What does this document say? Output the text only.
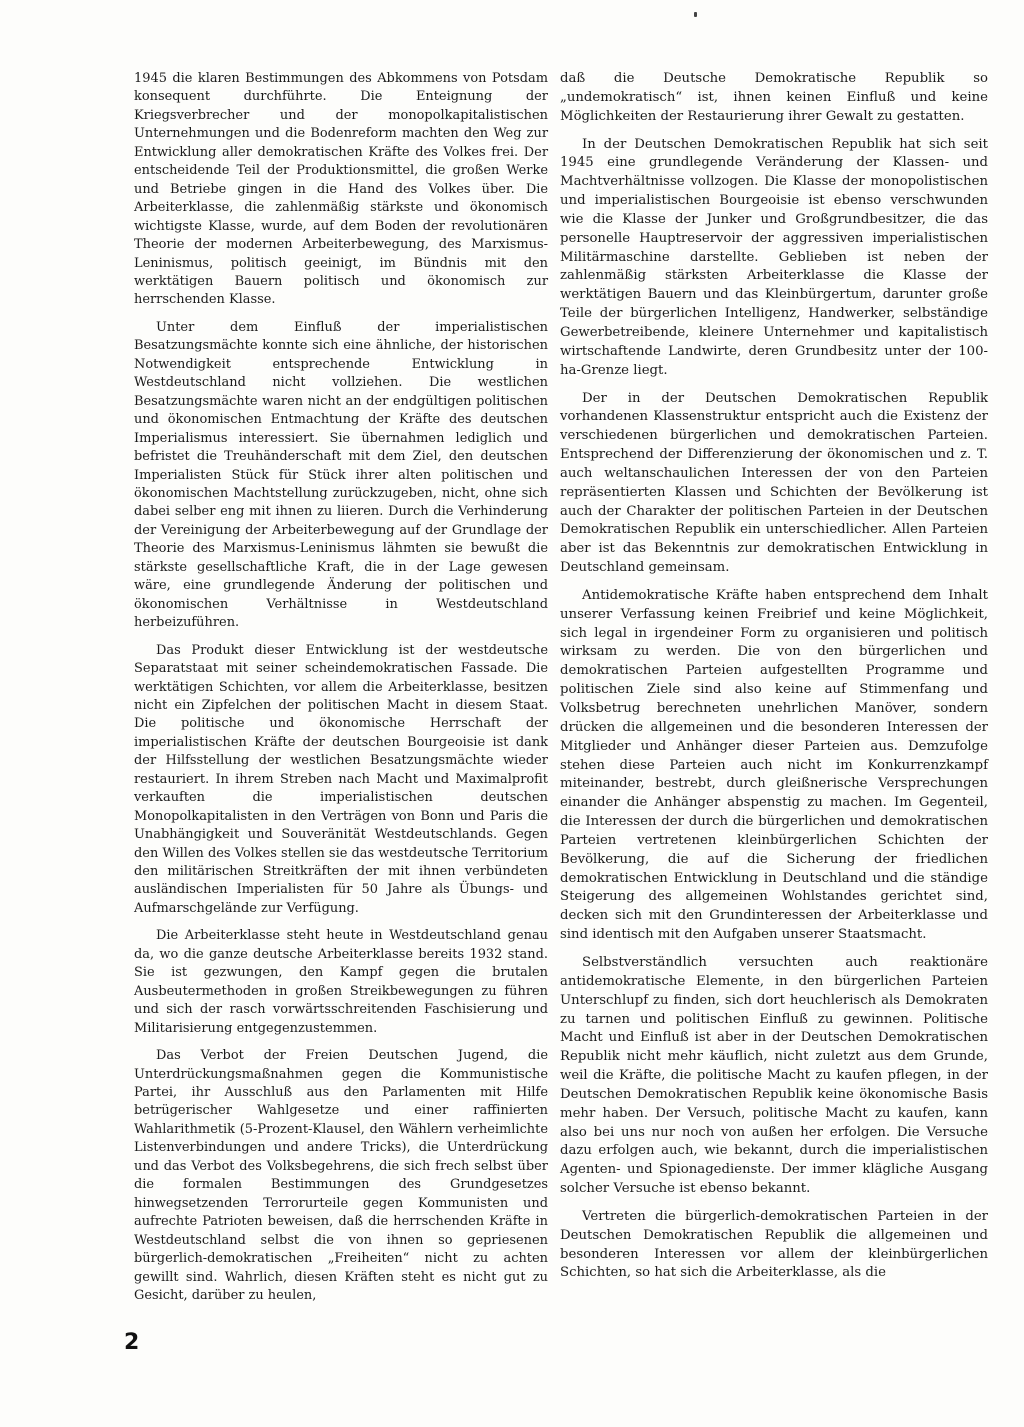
1945 die klaren Bestimmungen des Abkommens von Potsdam konsequent durchführte. Die Enteignung der Kriegsverbrecher und der monopolkapitalistischen Unternehmungen und die Bodenreform machten den Weg zur Entwicklung aller demokratischen Kräfte des Volkes frei. Der entscheidende Teil der Produktionsmittel, die großen Werke und Betriebe gingen in die Hand des Volkes über. Die Arbeiterklasse, die zahlenmäßig stärkste und ökonomisch wichtigste Klasse, wurde, auf dem Boden der revolutionären Theorie der modernen Arbeiterbewegung, des Marxismus-Leninismus, politisch geeinigt, im Bündnis mit den werktätigen Bauern politisch und ökonomisch zur herrschenden Klasse.

Unter dem Einfluß der imperialistischen Besatzungsmächte konnte sich eine ähnliche, der historischen Notwendigkeit entsprechende Entwicklung in Westdeutschland nicht vollziehen. Die westlichen Besatzungsmächte waren nicht an der endgültigen politischen und ökonomischen Entmachtung der Kräfte des deutschen Imperialismus interessiert. Sie übernahmen lediglich und befristet die Treuhänderschaft mit dem Ziel, den deutschen Imperialisten Stück für Stück ihrer alten politischen und ökonomischen Machtstellung zurückzugeben, nicht, ohne sich dabei selber eng mit ihnen zu liieren. Durch die Verhinderung der Vereinigung der Arbeiterbewegung auf der Grundlage der Theorie des Marxismus-Leninismus lähmten sie bewußt die stärkste gesellschaftliche Kraft, die in der Lage gewesen wäre, eine grundlegende Änderung der politischen und ökonomischen Verhältnisse in Westdeutschland herbeizuführen.

Das Produkt dieser Entwicklung ist der westdeutsche Separatstaat mit seiner scheindemokratischen Fassade. Die werktätigen Schichten, vor allem die Arbeiterklasse, besitzen nicht ein Zipfelchen der politischen Macht in diesem Staat. Die politische und ökonomische Herrschaft der imperialistischen Kräfte der deutschen Bourgeoisie ist dank der Hilfsstellung der westlichen Besatzungsmächte wieder restauriert. In ihrem Streben nach Macht und Maximalprofit verkauften die imperialistischen deutschen Monopolkapitalisten in den Verträgen von Bonn und Paris die Unabhängigkeit und Souveränität Westdeutschlands. Gegen den Willen des Volkes stellen sie das westdeutsche Territorium den militärischen Streitkräften der mit ihnen verbündeten ausländischen Imperialisten für 50 Jahre als Übungs- und Aufmarschgelände zur Verfügung.

Die Arbeiterklasse steht heute in Westdeutschland genau da, wo die ganze deutsche Arbeiterklasse bereits 1932 stand. Sie ist gezwungen, den Kampf gegen die brutalen Ausbeutermethoden in großen Streikbewegungen zu führen und sich der rasch vorwärtsschreitenden Faschisierung und Militarisierung entgegenzustemmen.

Das Verbot der Freien Deutschen Jugend, die Unterdrückungsmaßnahmen gegen die Kommunistische Partei, ihr Ausschluß aus den Parlamenten mit Hilfe betrügerischer Wahlgesetze und einer raffinierten Wahlarithmetik (5-Prozent-Klausel, den Wählern verheimlichte Listenverbindungen und andere Tricks), die Unterdrückung und das Verbot des Volksbegehrens, die sich frech selbst über die formalen Bestimmungen des Grundgesetzes hinwegsetzenden Terrorurteile gegen Kommunisten und aufrechte Patrioten beweisen, daß die herrschenden Kräfte in Westdeutschland selbst die von ihnen so gepriesenen bürgerlich-demokratischen „Freiheiten“ nicht zu achten gewillt sind. Wahrlich, diesen Kräften steht es nicht gut zu Gesicht, darüber zu heulen,

daß die Deutsche Demokratische Republik so „undemokratisch“ ist, ihnen keinen Einfluß und keine Möglichkeiten der Restaurierung ihrer Gewalt zu gestatten.

In der Deutschen Demokratischen Republik hat sich seit 1945 eine grundlegende Veränderung der Klassen- und Machtverhältnisse vollzogen. Die Klasse der monopolistischen und imperialistischen Bourgeoisie ist ebenso verschwunden wie die Klasse der Junker und Großgrundbesitzer, die das personelle Hauptreservoir der aggressiven imperialistischen Militärmaschine darstellte. Geblieben ist neben der zahlenmäßig stärksten Arbeiterklasse die Klasse der werktätigen Bauern und das Kleinbürgertum, darunter große Teile der bürgerlichen Intelligenz, Handwerker, selbständige Gewerbetreibende, kleinere Unternehmer und kapitalistisch wirtschaftende Landwirte, deren Grundbesitz unter der 100-ha-Grenze liegt.

Der in der Deutschen Demokratischen Republik vorhandenen Klassenstruktur entspricht auch die Existenz der verschiedenen bürgerlichen und demokratischen Parteien. Entsprechend der Differenzierung der ökonomischen und z. T. auch weltanschaulichen Interessen der von den Parteien repräsentierten Klassen und Schichten der Bevölkerung ist auch der Charakter der politischen Parteien in der Deutschen Demokratischen Republik ein unterschiedlicher. Allen Parteien aber ist das Bekenntnis zur demokratischen Entwicklung in Deutschland gemeinsam.

Antidemokratische Kräfte haben entsprechend dem Inhalt unserer Verfassung keinen Freibrief und keine Möglichkeit, sich legal in irgendeiner Form zu organisieren und politisch wirksam zu werden. Die von den bürgerlichen und demokratischen Parteien aufgestellten Programme und politischen Ziele sind also keine auf Stimmenfang und Volksbetrug berechneten unehrlichen Manöver, sondern drücken die allgemeinen und die besonderen Interessen der Mitglieder und Anhänger dieser Parteien aus. Demzufolge stehen diese Parteien auch nicht im Konkurrenzkampf miteinander, bestrebt, durch gleißnerische Versprechungen einander die Anhänger abspenstig zu machen. Im Gegenteil, die Interessen der durch die bürgerlichen und demokratischen Parteien vertretenen kleinbürgerlichen Schichten der Bevölkerung, die auf die Sicherung der friedlichen demokratischen Entwicklung in Deutschland und die ständige Steigerung des allgemeinen Wohlstandes gerichtet sind, decken sich mit den Grundinteressen der Arbeiterklasse und sind identisch mit den Aufgaben unserer Staatsmacht.

Selbstverständlich versuchten auch reaktionäre antidemokratische Elemente, in den bürgerlichen Parteien Unterschlupf zu finden, sich dort heuchlerisch als Demokraten zu tarnen und politischen Einfluß zu gewinnen. Politische Macht und Einfluß ist aber in der Deutschen Demokratischen Republik nicht mehr käuflich, nicht zuletzt aus dem Grunde, weil die Kräfte, die politische Macht zu kaufen pflegen, in der Deutschen Demokratischen Republik keine ökonomische Basis mehr haben. Der Versuch, politische Macht zu kaufen, kann also bei uns nur noch von außen her erfolgen. Die Versuche dazu erfolgen auch, wie bekannt, durch die imperialistischen Agenten- und Spionagedienste. Der immer klägliche Ausgang solcher Versuche ist ebenso bekannt.

Vertreten die bürgerlich-demokratischen Parteien in der Deutschen Demokratischen Republik die allgemeinen und besonderen Interessen vor allem der kleinbürgerlichen Schichten, so hat sich die Arbeiterklasse, als die

2
